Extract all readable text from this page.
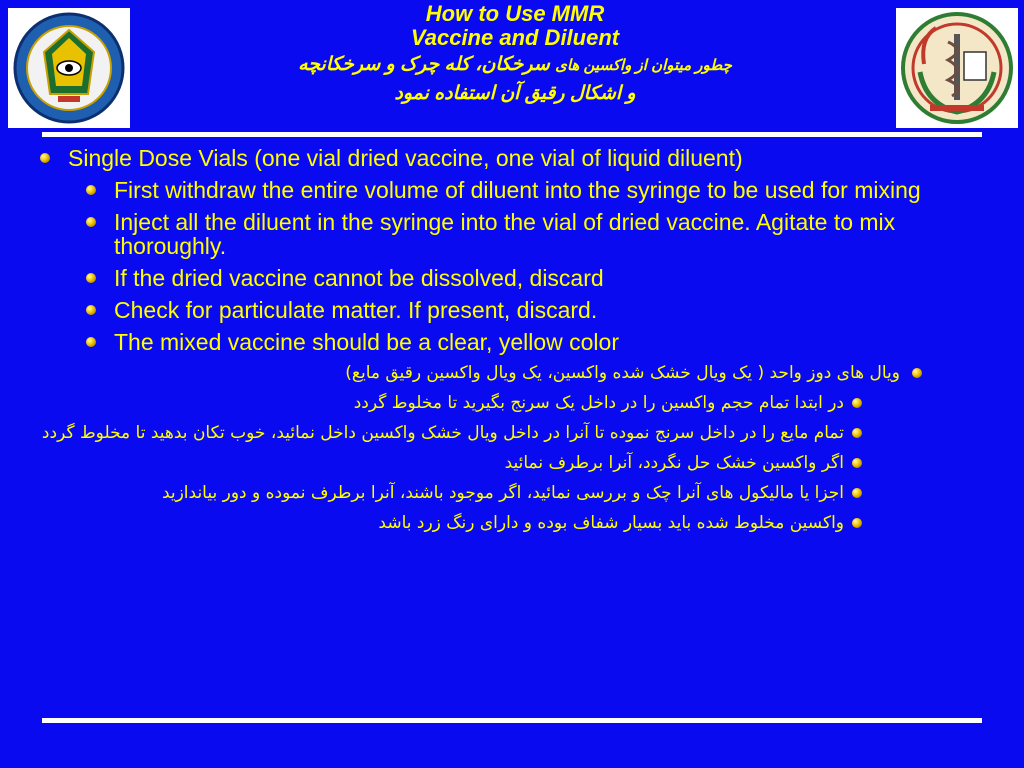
How to Use MMR
Vaccine and Diluent
چطور میتوان از واکسین های سرخکان، کله چرک و سرخکانچه
و اشکال رقیق آن استفاده نمود
Single Dose Vials (one vial dried vaccine, one vial of liquid diluent)
First withdraw the entire volume of diluent into the syringe to be used for mixing
Inject all the diluent in the syringe into the vial of dried vaccine. Agitate to mix thoroughly.
If the dried vaccine cannot be dissolved, discard
Check for particulate matter. If present, discard.
The mixed vaccine should be a clear, yellow color
ویال های دوز واحد ( یک ویال خشک شده واکسین، یک ویال واکسین رقیق مایع)
در ابتدا تمام حجم واکسین را در داخل یک سرنج بگیرید تا مخلوط گردد
تمام مایع را در داخل سرنج نموده تا آنرا در داخل ویال خشک واکسین داخل نمائید، خوب تکان بدهید تا مخلوط گردد
اگر واکسین خشک حل نگردد، آنرا برطرف نمائید
اجزا یا مالیکول های آنرا چک و بررسی نمائید، اگر موجود باشند، آنرا برطرف نموده و دور بیاندازید
واکسین مخلوط شده باید بسیار شفاف بوده و دارای رنگ زرد باشد
